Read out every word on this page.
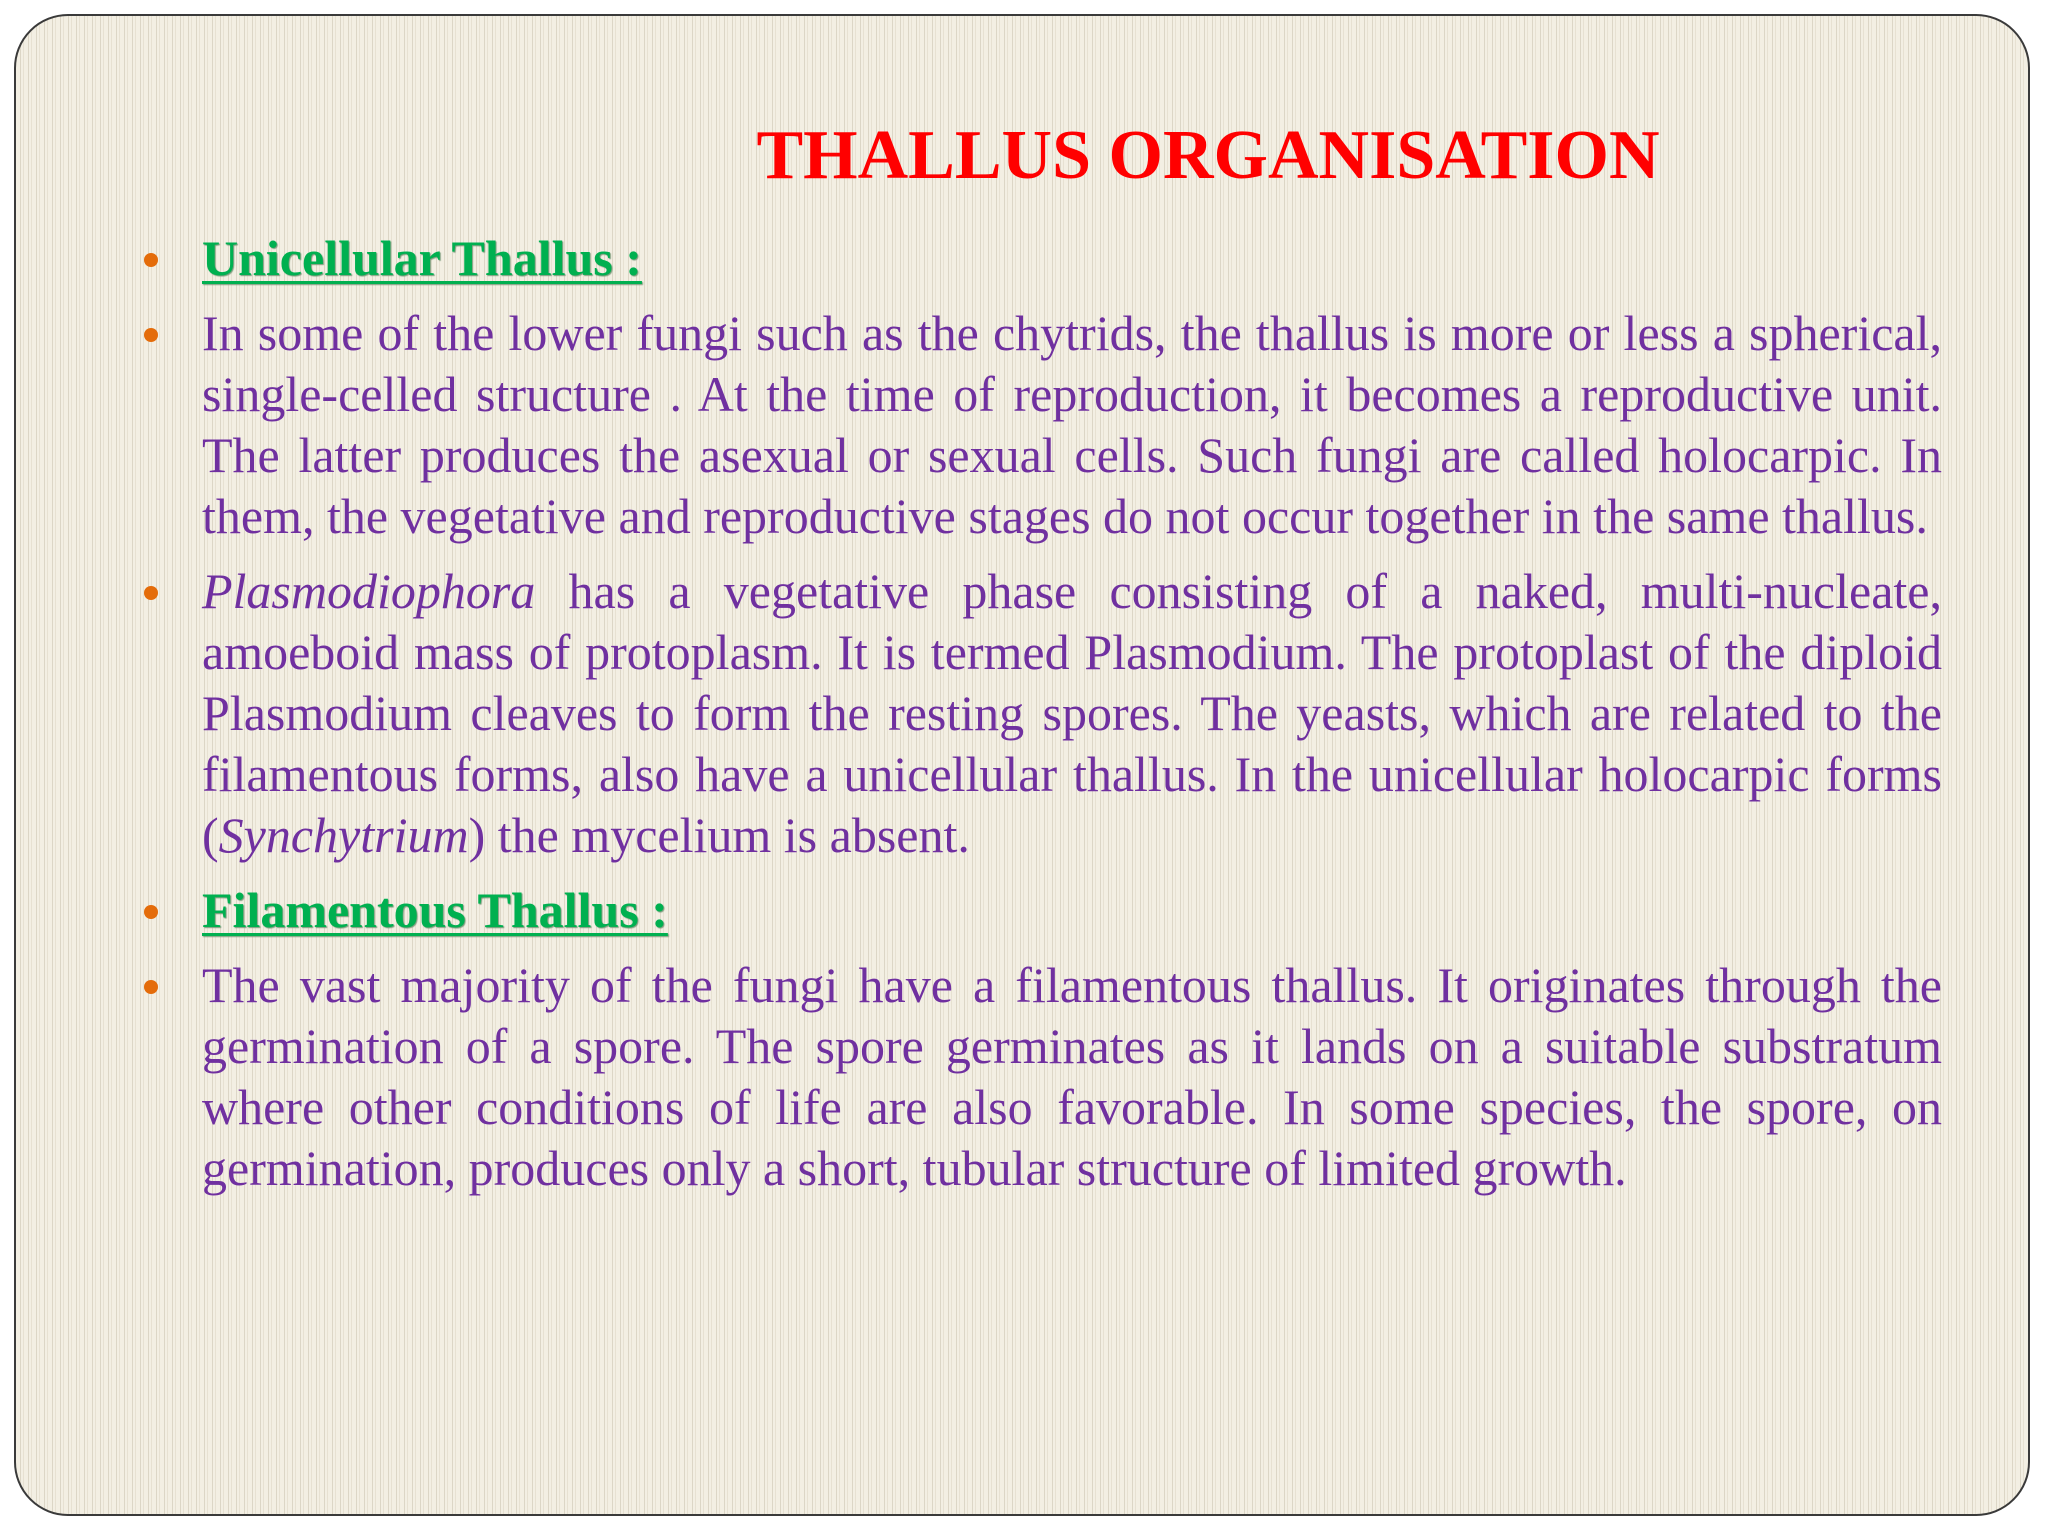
THALLUS ORGANISATION
Unicellular Thallus :
In some of the lower fungi such as the chytrids, the thallus is more or less a spherical, single-celled structure . At the time of reproduction, it becomes a reproductive unit. The latter produces the asexual or sexual cells. Such fungi are called holocarpic. In them, the vegetative and reproductive stages do not occur together in the same thallus.
Plasmodiophora has a vegetative phase consisting of a naked, multi-nucleate, amoeboid mass of protoplasm. It is termed Plasmodium. The protoplast of the diploid Plasmodium cleaves to form the resting spores. The yeasts, which are related to the filamentous forms, also have a unicellular thallus. In the unicellular holocarpic forms (Synchytrium) the mycelium is absent.
Filamentous Thallus :
The vast majority of the fungi have a filamentous thallus. It originates through the germination of a spore. The spore germinates as it lands on a suitable substratum where other conditions of life are also favorable. In some species, the spore, on germination, produces only a short, tubular structure of limited growth.
